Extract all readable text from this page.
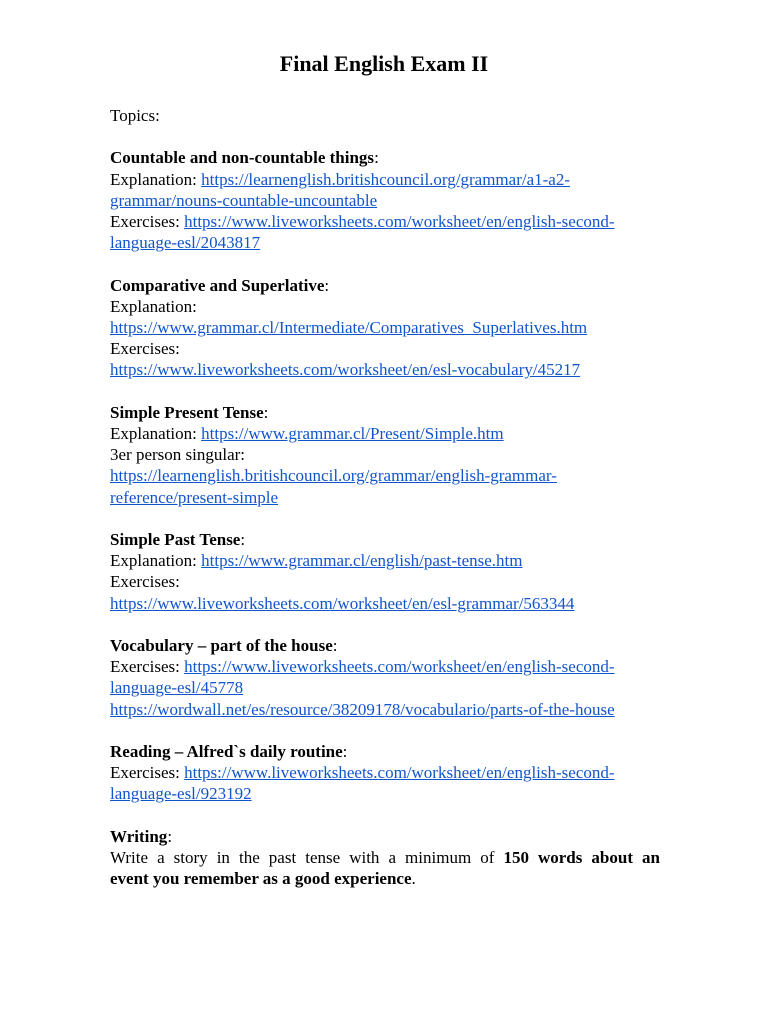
Final English Exam II
Topics:
Countable and non-countable things:
Explanation: https://learnenglish.britishcouncil.org/grammar/a1-a2-
grammar/nouns-countable-uncountable
Exercises: https://www.liveworksheets.com/worksheet/en/english-second-
language-esl/2043817
Comparative and Superlative:
Explanation:
https://www.grammar.cl/Intermediate/Comparatives_Superlatives.htm
Exercises:
https://www.liveworksheets.com/worksheet/en/esl-vocabulary/45217
Simple Present Tense:
Explanation: https://www.grammar.cl/Present/Simple.htm
3er person singular:
https://learnenglish.britishcouncil.org/grammar/english-grammar-
reference/present-simple
Simple Past Tense:
Explanation: https://www.grammar.cl/english/past-tense.htm
Exercises:
https://www.liveworksheets.com/worksheet/en/esl-grammar/563344
Vocabulary – part of the house:
Exercises: https://www.liveworksheets.com/worksheet/en/english-second-
language-esl/45778
https://wordwall.net/es/resource/38209178/vocabulario/parts-of-the-house
Reading – Alfred`s daily routine:
Exercises: https://www.liveworksheets.com/worksheet/en/english-second-
language-esl/923192
Writing:
Write a story in the past tense with a minimum of 150 words about an
event you remember as a good experience.
